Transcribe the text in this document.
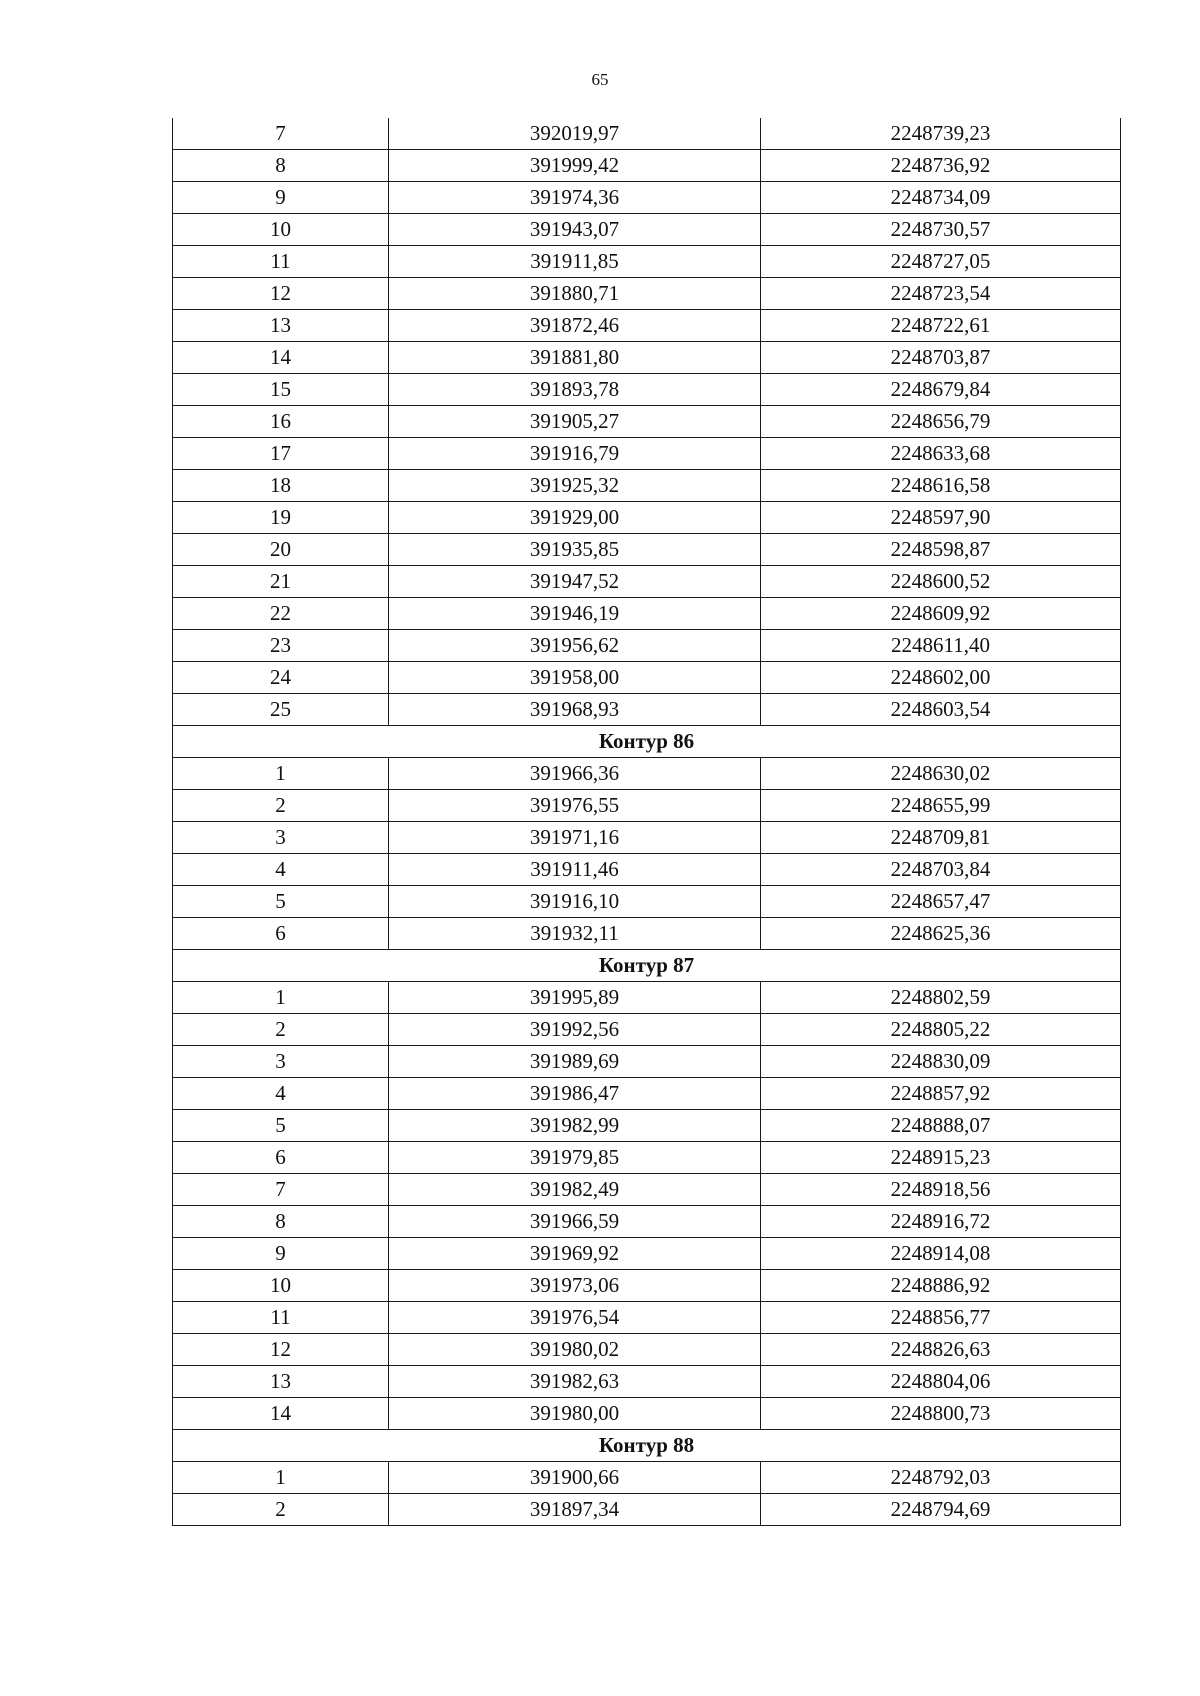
65
7	392019,97	2248739,23
8	391999,42	2248736,92
9	391974,36	2248734,09
10	391943,07	2248730,57
11	391911,85	2248727,05
12	391880,71	2248723,54
13	391872,46	2248722,61
14	391881,80	2248703,87
15	391893,78	2248679,84
16	391905,27	2248656,79
17	391916,79	2248633,68
18	391925,32	2248616,58
19	391929,00	2248597,90
20	391935,85	2248598,87
21	391947,52	2248600,52
22	391946,19	2248609,92
23	391956,62	2248611,40
24	391958,00	2248602,00
25	391968,93	2248603,54
Контур 86		
1	391966,36	2248630,02
2	391976,55	2248655,99
3	391971,16	2248709,81
4	391911,46	2248703,84
5	391916,10	2248657,47
6	391932,11	2248625,36
Контур 87		
1	391995,89	2248802,59
2	391992,56	2248805,22
3	391989,69	2248830,09
4	391986,47	2248857,92
5	391982,99	2248888,07
6	391979,85	2248915,23
7	391982,49	2248918,56
8	391966,59	2248916,72
9	391969,92	2248914,08
10	391973,06	2248886,92
11	391976,54	2248856,77
12	391980,02	2248826,63
13	391982,63	2248804,06
14	391980,00	2248800,73
Контур 88		
1	391900,66	2248792,03
2	391897,34	2248794,69
